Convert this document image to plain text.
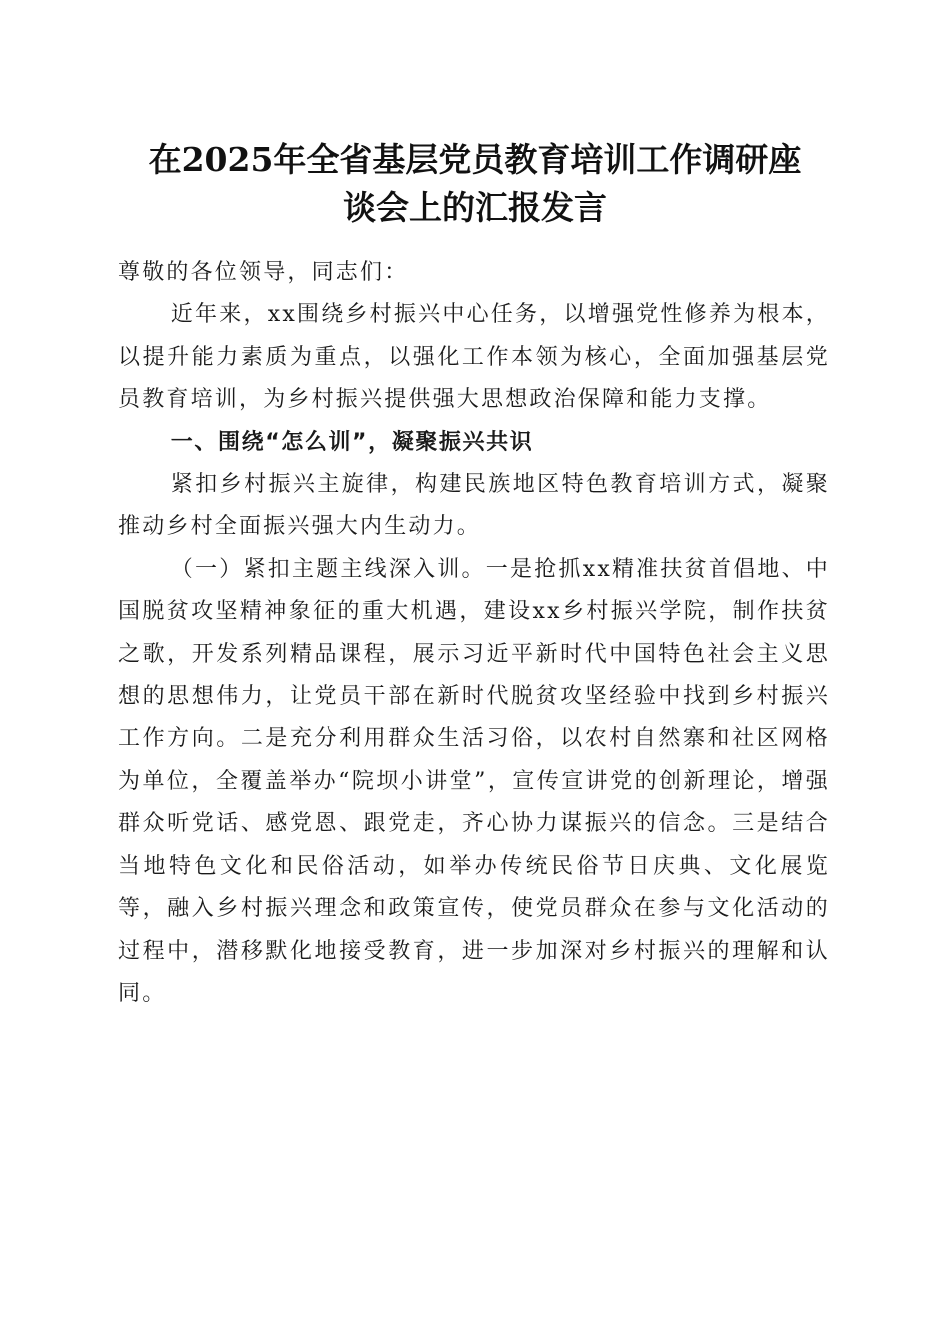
在2025年全省基层党员教育培训工作调研座
谈会上的汇报发言

尊敬的各位领导，同志们：

近年来，xx围绕乡村振兴中心任务，以增强党性修养为根本，以提升能力素质为重点，以强化工作本领为核心，全面加强基层党员教育培训，为乡村振兴提供强大思想政治保障和能力支撑。

一、围绕“怎么训”，凝聚振兴共识

紧扣乡村振兴主旋律，构建民族地区特色教育培训方式，凝聚推动乡村全面振兴强大内生动力。

（一）紧扣主题主线深入训。一是抢抓xx精准扶贫首倡地、中国脱贫攻坚精神象征的重大机遇，建设xx乡村振兴学院，制作扶贫之歌，开发系列精品课程，展示习近平新时代中国特色社会主义思想的思想伟力，让党员干部在新时代脱贫攻坚经验中找到乡村振兴工作方向。二是充分利用群众生活习俗，以农村自然寨和社区网格为单位，全覆盖举办“院坝小讲堂”，宣传宣讲党的创新理论，增强群众听党话、感党恩、跟党走，齐心协力谋振兴的信念。三是结合当地特色文化和民俗活动，如举办传统民俗节日庆典、文化展览等，融入乡村振兴理念和政策宣传，使党员群众在参与文化活动的过程中，潜移默化地接受教育，进一步加深对乡村振兴的理解和认同。
